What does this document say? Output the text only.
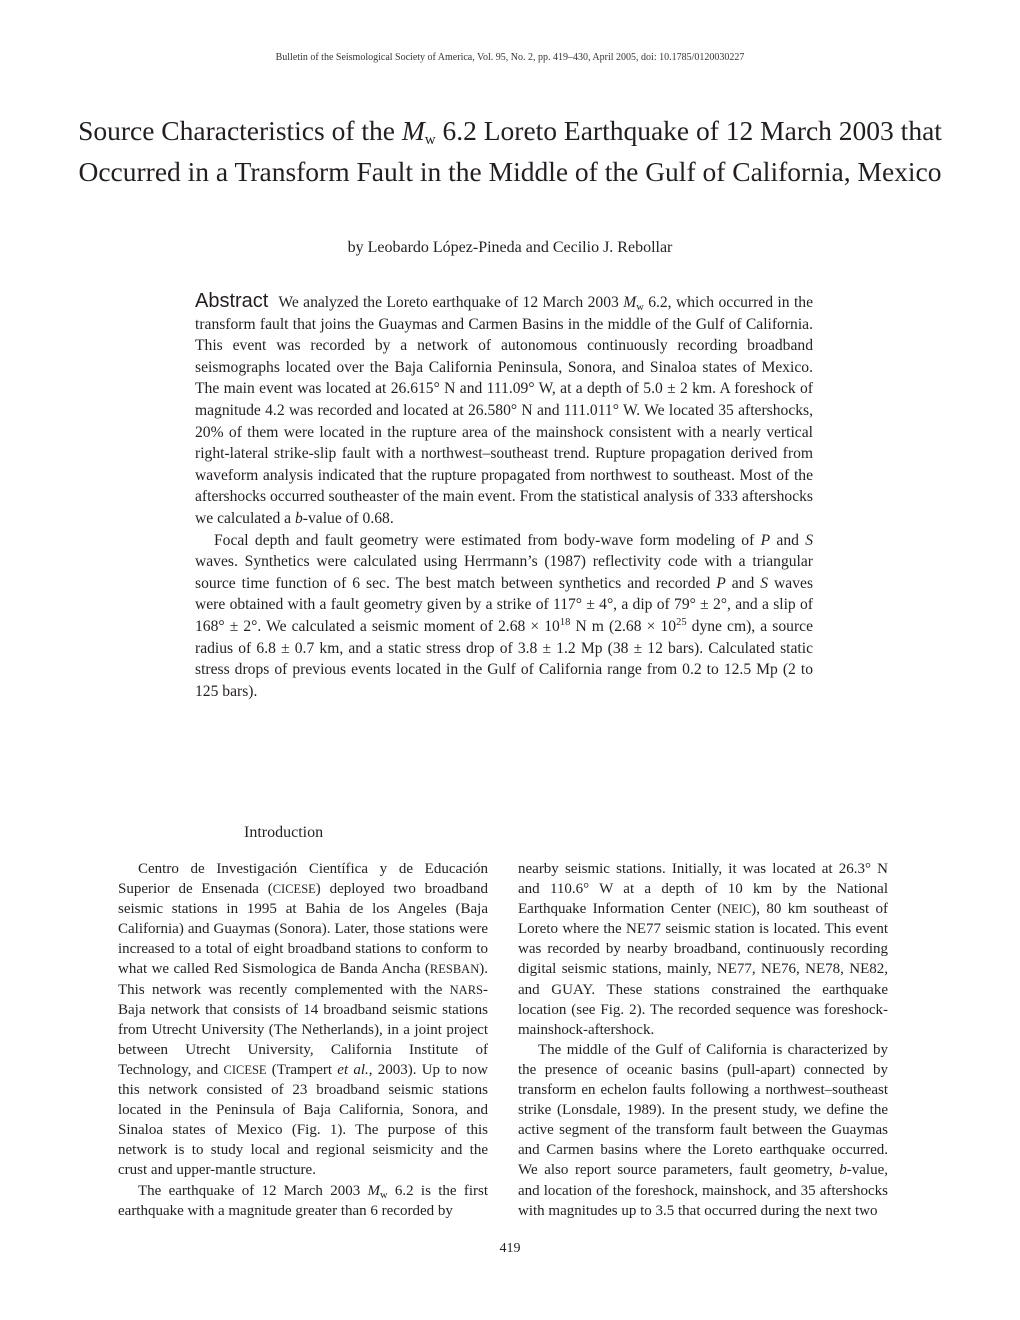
Bulletin of the Seismological Society of America, Vol. 95, No. 2, pp. 419–430, April 2005, doi: 10.1785/0120030227
Source Characteristics of the $M_w$ 6.2 Loreto Earthquake of 12 March 2003 that Occurred in a Transform Fault in the Middle of the Gulf of California, Mexico
by Leobardo López-Pineda and Cecilio J. Rebollar

Abstract We analyzed the Loreto earthquake of 12 March 2003 $M_w$ 6.2, which occurred in the transform fault that joins the Guaymas and Carmen Basins in the middle of the Gulf of California. This event was recorded by a network of autonomous continuously recording broadband seismographs located over the Baja California Peninsula, Sonora, and Sinaloa states of Mexico. The main event was located at 26.615° N and 111.09° W, at a depth of 5.0 ± 2 km. A foreshock of magnitude 4.2 was recorded and located at 26.580° N and 111.011° W. We located 35 aftershocks, 20% of them were located in the rupture area of the mainshock consistent with a nearly vertical right-lateral strike-slip fault with a northwest–southeast trend. Rupture propagation derived from waveform analysis indicated that the rupture propagated from northwest to southeast. Most of the aftershocks occurred southeaster of the main event. From the statistical analysis of 333 aftershocks we calculated a b-value of 0.68.

Focal depth and fault geometry were estimated from body-wave form modeling of P and S waves. Synthetics were calculated using Herrmann’s (1987) reflectivity code with a triangular source time function of 6 sec. The best match between synthetics and recorded P and S waves were obtained with a fault geometry given by a strike of 117° ± 4°, a dip of 79° ± 2°, and a slip of 168° ± 2°. We calculated a seismic moment of $2.68 \times 10^{18}$ N m ($2.68 \times 10^{25}$ dyne cm), a source radius of 6.8 ± 0.7 km, and a static stress drop of 3.8 ± 1.2 Mp (38 ± 12 bars). Calculated static stress drops of previous events located in the Gulf of California range from 0.2 to 12.5 Mp (2 to 125 bars).

Introduction

Centro de Investigación Científica y de Educación Superior de Ensenada (CICESE) deployed two broadband seismic stations in 1995 at Bahia de los Angeles (Baja California) and Guaymas (Sonora). Later, those stations were increased to a total of eight broadband stations to conform to what we called Red Sismologica de Banda Ancha (RESBAN). This network was recently complemented with the NARS-Baja network that consists of 14 broadband seismic stations from Utrecht University (The Netherlands), in a joint project between Utrecht University, California Institute of Technology, and CICESE (Trampert et al., 2003). Up to now this network consisted of 23 broadband seismic stations located in the Peninsula of Baja California, Sonora, and Sinaloa states of Mexico (Fig. 1). The purpose of this network is to study local and regional seismicity and the crust and upper-mantle structure.

The earthquake of 12 March 2003 $M_w$ 6.2 is the first earthquake with a magnitude greater than 6 recorded by

nearby seismic stations. Initially, it was located at 26.3° N and 110.6° W at a depth of 10 km by the National Earthquake Information Center (NEIC), 80 km southeast of Loreto where the NE77 seismic station is located. This event was recorded by nearby broadband, continuously recording digital seismic stations, mainly, NE77, NE76, NE78, NE82, and GUAY. These stations constrained the earthquake location (see Fig. 2). The recorded sequence was foreshock-mainshock-aftershock.

The middle of the Gulf of California is characterized by the presence of oceanic basins (pull-apart) connected by transform en echelon faults following a northwest–southeast strike (Lonsdale, 1989). In the present study, we define the active segment of the transform fault between the Guaymas and Carmen basins where the Loreto earthquake occurred. We also report source parameters, fault geometry, b-value, and location of the foreshock, mainshock, and 35 aftershocks with magnitudes up to 3.5 that occurred during the next two

419
